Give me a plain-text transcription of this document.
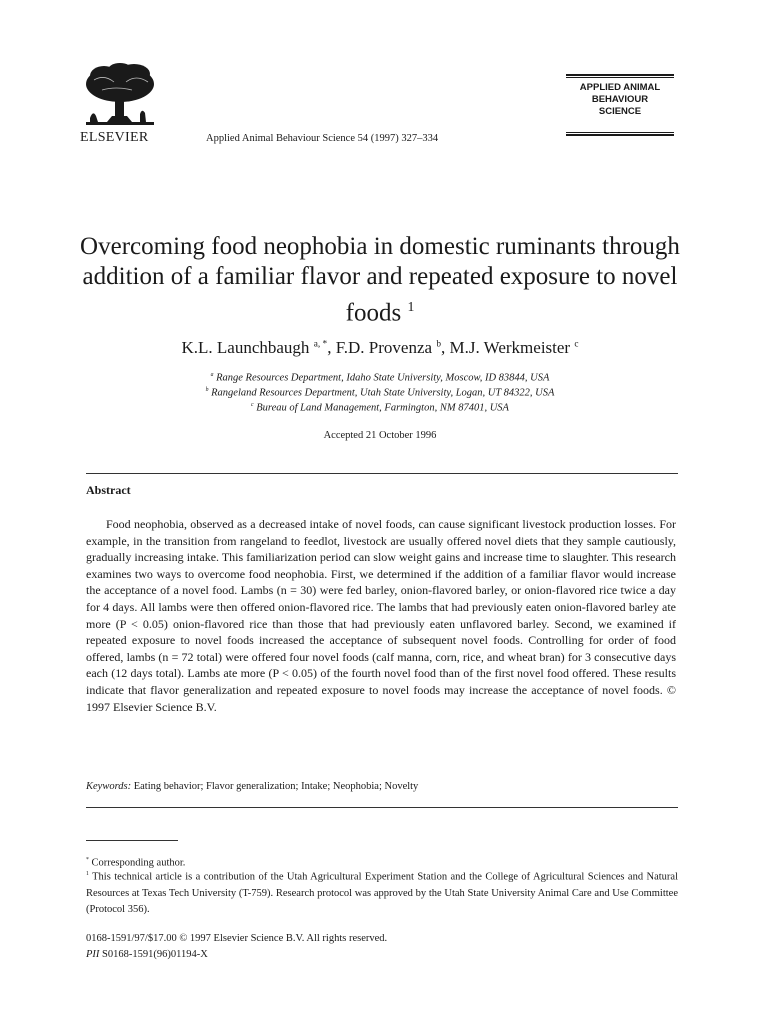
ELSEVIER	Applied Animal Behaviour Science 54 (1997) 327–334
APPLIED ANIMAL
BEHAVIOUR
SCIENCE
Overcoming food neophobia in domestic ruminants through addition of a familiar flavor and repeated exposure to novel foods $^1$
K.L. Launchbaugh $^{a, *}$, F.D. Provenza $^b$, M.J. Werkmeister $^c$
$^a$ Range Resources Department, Idaho State University, Moscow, ID 83844, USA
$^b$ Rangeland Resources Department, Utah State University, Logan, UT 84322, USA
$^c$ Bureau of Land Management, Farmington, NM 87401, USA
Accepted 21 October 1996
Abstract

Food neophobia, observed as a decreased intake of novel foods, can cause significant livestock production losses. For example, in the transition from rangeland to feedlot, livestock are usually offered novel diets that they sample cautiously, gradually increasing intake. This familiarization period can slow weight gains and increase time to slaughter. This research examines two ways to overcome food neophobia. First, we determined if the addition of a familiar flavor would increase the acceptance of a novel food. Lambs (n = 30) were fed barley, onion-flavored barley, or onion-flavored rice twice a day for 4 days. All lambs were then offered onion-flavored rice. The lambs that had previously eaten onion-flavored barley ate more (P < 0.05) onion-flavored rice than those that had previously eaten unflavored barley. Second, we examined if repeated exposure to novel foods increased the acceptance of subsequent novel foods. Controlling for order of food offered, lambs (n = 72 total) were offered four novel foods (calf manna, corn, rice, and wheat bran) for 3 consecutive days each (12 days total). Lambs ate more (P < 0.05) of the fourth novel food than of the first novel food offered. These results indicate that flavor generalization and repeated exposure to novel foods may increase the acceptance of novel foods. © 1997 Elsevier Science B.V.

Keywords: Eating behavior; Flavor generalization; Intake; Neophobia; Novelty

* Corresponding author.

$^1$ This technical article is a contribution of the Utah Agricultural Experiment Station and the College of Agricultural Sciences and Natural Resources at Texas Tech University (T-759). Research protocol was approved by the Utah State University Animal Care and Use Committee (Protocol 356).

0168-1591/97/$17.00 © 1997 Elsevier Science B.V. All rights reserved.
PII S0168-1591(96)01194-X
